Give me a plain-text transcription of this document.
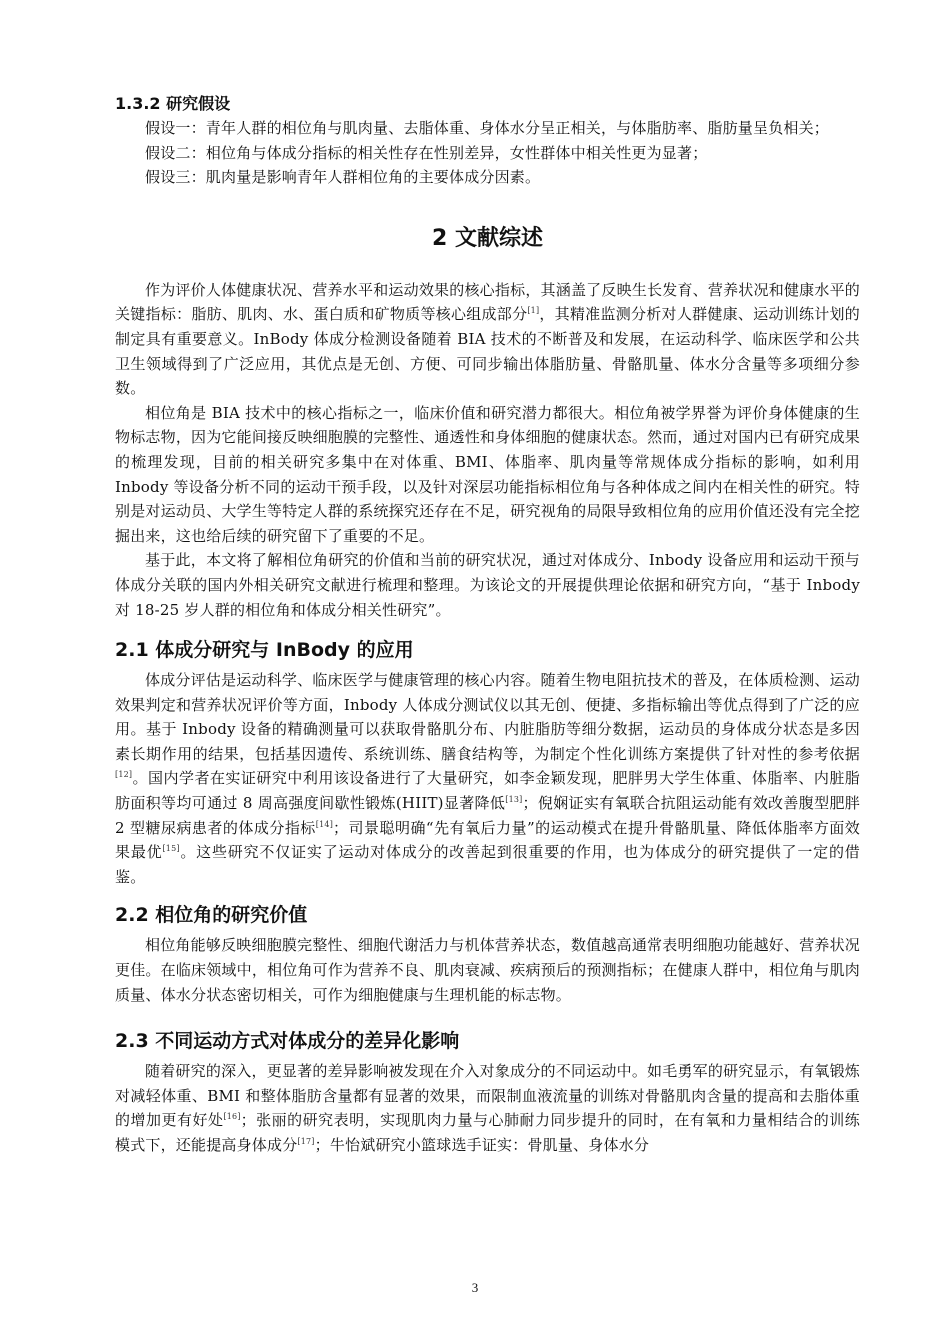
1.3.2 研究假设

假设一：青年人群的相位角与肌肉量、去脂体重、身体水分呈正相关，与体脂肪率、脂肪量呈负相关；

假设二：相位角与体成分指标的相关性存在性别差异，女性群体中相关性更为显著；

假设三：肌肉量是影响青年人群相位角的主要体成分因素。

2 文献综述

作为评价人体健康状况、营养水平和运动效果的核心指标，其涵盖了反映生长发育、营养状况和健康水平的关键指标：脂肪、肌肉、水、蛋白质和矿物质等核心组成部分[1]，其精准监测分析对人群健康、运动训练计划的制定具有重要意义。InBody 体成分检测设备随着 BIA 技术的不断普及和发展，在运动科学、临床医学和公共卫生领域得到了广泛应用，其优点是无创、方便、可同步输出体脂肪量、骨骼肌量、体水分含量等多项细分参数。

相位角是 BIA 技术中的核心指标之一，临床价值和研究潜力都很大。相位角被学界誉为评价身体健康的生物标志物，因为它能间接反映细胞膜的完整性、通透性和身体细胞的健康状态。然而，通过对国内已有研究成果的梳理发现，目前的相关研究多集中在对体重、BMI、体脂率、肌肉量等常规体成分指标的影响，如利用 Inbody 等设备分析不同的运动干预手段，以及针对深层功能指标相位角与各种体成之间内在相关性的研究。特别是对运动员、大学生等特定人群的系统探究还存在不足，研究视角的局限导致相位角的应用价值还没有完全挖掘出来，这也给后续的研究留下了重要的不足。

基于此，本文将了解相位角研究的价值和当前的研究状况，通过对体成分、Inbody 设备应用和运动干预与体成分关联的国内外相关研究文献进行梳理和整理。为该论文的开展提供理论依据和研究方向，“基于 Inbody 对 18-25 岁人群的相位角和体成分相关性研究”。

2.1 体成分研究与 InBody 的应用

体成分评估是运动科学、临床医学与健康管理的核心内容。随着生物电阻抗技术的普及，在体质检测、运动效果判定和营养状况评价等方面，Inbody 人体成分测试仪以其无创、便捷、多指标输出等优点得到了广泛的应用。基于 Inbody 设备的精确测量可以获取骨骼肌分布、内脏脂肪等细分数据，运动员的身体成分状态是多因素长期作用的结果，包括基因遗传、系统训练、膳食结构等，为制定个性化训练方案提供了针对性的参考依据[12]。国内学者在实证研究中利用该设备进行了大量研究，如李金颖发现，肥胖男大学生体重、体脂率、内脏脂肪面积等均可通过 8 周高强度间歇性锻炼(HIIT)显著降低[13]；倪娴证实有氧联合抗阻运动能有效改善腹型肥胖 2 型糖尿病患者的体成分指标[14]；司景聪明确“先有氧后力量”的运动模式在提升骨骼肌量、降低体脂率方面效果最优[15]。这些研究不仅证实了运动对体成分的改善起到很重要的作用，也为体成分的研究提供了一定的借鉴。

2.2 相位角的研究价值

相位角能够反映细胞膜完整性、细胞代谢活力与机体营养状态，数值越高通常表明细胞功能越好、营养状况更佳。在临床领域中，相位角可作为营养不良、肌肉衰减、疾病预后的预测指标；在健康人群中，相位角与肌肉质量、体水分状态密切相关，可作为细胞健康与生理机能的标志物。

2.3 不同运动方式对体成分的差异化影响

随着研究的深入，更显著的差异影响被发现在介入对象成分的不同运动中。如毛勇军的研究显示，有氧锻炼对减轻体重、BMI 和整体脂肪含量都有显著的效果，而限制血液流量的训练对骨骼肌肉含量的提高和去脂体重的增加更有好处[16]；张丽的研究表明，实现肌肉力量与心肺耐力同步提升的同时，在有氧和力量相结合的训练模式下，还能提高身体成分[17]；牛怡斌研究小篮球选手证实：骨肌量、身体水分

3
